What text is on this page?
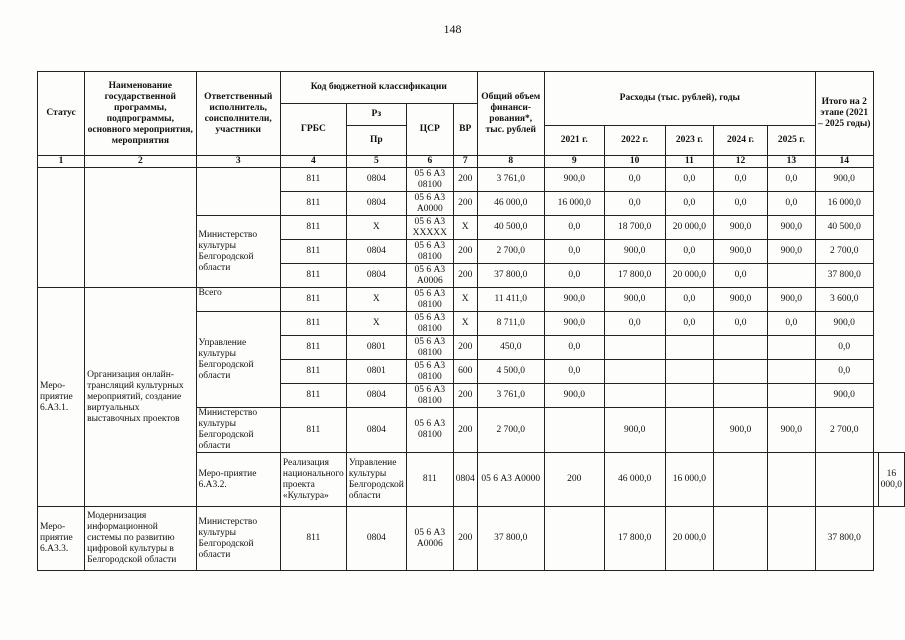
148
Статус	Наименование государственной программы, подпрограммы, основного мероприятия, мероприятия	Ответственный исполнитель, соисполнители, участники	Код бюджетной классификации				Общий объем финанси-рования*, тыс. рублей	Расходы (тыс. рублей), годы					Итого на 2 этапе (2021 – 2025 годы)		
			ГРБС	Рз	ЦСР	ВР									
				Пр				2021 г.	2022 г.	2023 г.	2024 г.	2025 г.			
1	2	3	4	5	6	7	8	9	10	11	12	13	14		
			811	0804	05 6 А3 08100	200	3 761,0	900,0	0,0	0,0	0,0	0,0	900,0		
			811	0804	05 6 А3 А0000	200	46 000,0	16 000,0	0,0	0,0	0,0	0,0	16 000,0		
		Министерство культуры Белгородской области	811	Х	05 6 А3 ХХХХХ	Х	40 500,0	0,0	18 700,0	20 000,0	900,0	900,0	40 500,0		
			811	0804	05 6 А3 08100	200	2 700,0	0,0	900,0	0,0	900,0	900,0	2 700,0		
			811	0804	05 6 А3 А0006	200	37 800,0	0,0	17 800,0	20 000,0	0,0		37 800,0		
Меро-приятие 6.А3.1.	Организация онлайн-трансляций культурных мероприятий, создание виртуальных выставочных проектов	Всего	811	Х	05 6 А3 08100	Х	11 411,0	900,0	900,0	0,0	900,0	900,0	3 600,0		
		Управление культуры Белгородской области	811	Х	05 6 А3 08100	Х	8 711,0	900,0	0,0	0,0	0,0	0,0	900,0		
			811	0801	05 6 А3 08100	200	450,0	0,0					0,0		
			811	0801	05 6 А3 08100	600	4 500,0	0,0					0,0		
			811	0804	05 6 А3 08100	200	3 761,0	900,0					900,0		
		Министерство культуры Белгородской области	811	0804	05 6 А3 08100	200	2 700,0		900,0		900,0	900,0	2 700,0		
		Меро-приятие 6.А3.2.	Реализация национального проекта «Культура»	Управление культуры Белгородской области	811	0804	05 6 А3 А0000	200	46 000,0	16 000,0					16 000,0
Меро-приятие 6.А3.3.	Модернизация информационной системы по развитию цифровой культуры в Белгородской области	Министерство культуры Белгородской области	811	0804	05 6 А3 А0006	200	37 800,0		17 800,0	20 000,0			37 800,0		
